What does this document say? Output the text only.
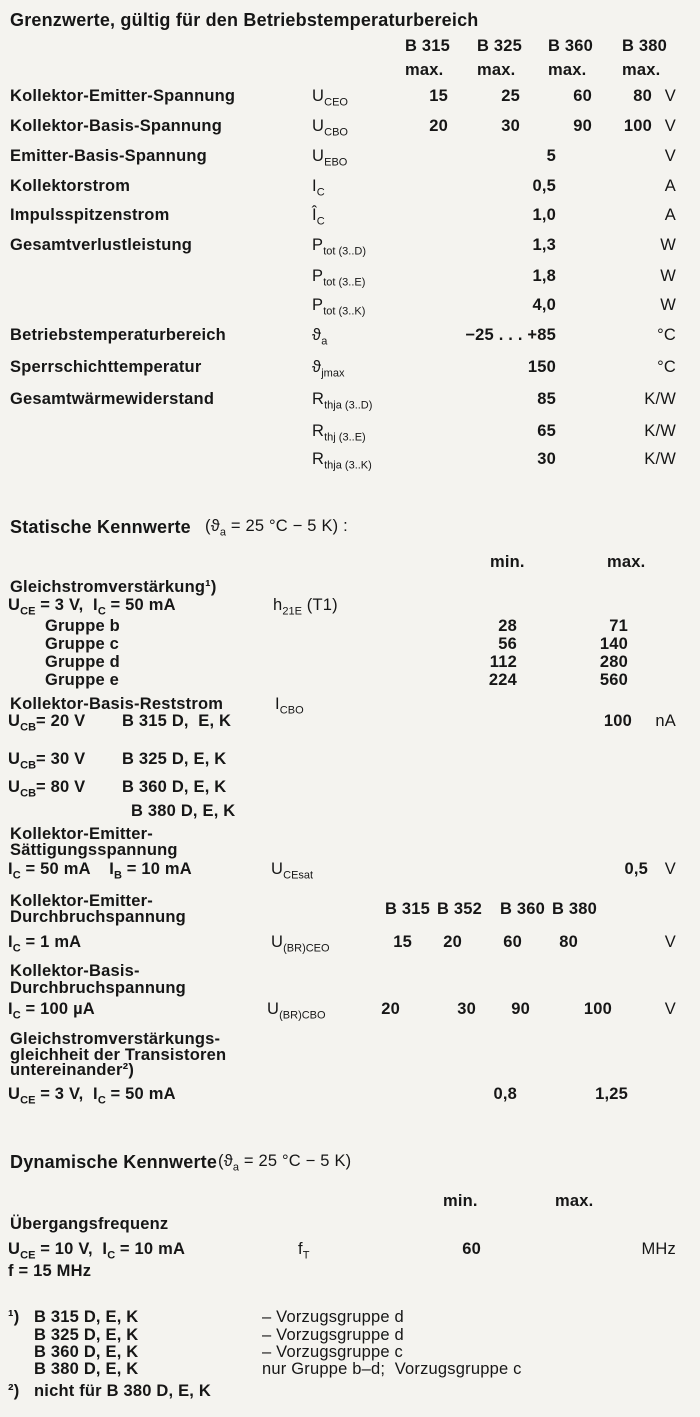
Grenzwerte, gültig für den Betriebstemperaturbereich
B 315 B 325 B 360 B 380
max. max. max. max.
Kollektor-Emitter-Spannung	$U_{CEO}$	15	25	60	80 V
Kollektor-Basis-Spannung	$U_{CBO}$	20	30	90	100 V
Emitter-Basis-Spannung	$U_{EBO}$	5	V
Kollektorstrom	$I_C$	0,5	A
Impulsspitzenstrom	$Î_C$	1,0	A
Gesamtverlustleistung	$P_{tot (3..D)}$	1,3	W
$P_{tot (3..E)}$	1,8	W
$P_{tot (3..K)}$	4,0	W
Betriebstemperaturbereich	$ϑ_a$	−25 . . . +85	°C
Sperrschichttemperatur	$ϑ_{jmax}$	150	°C
Gesamtwärmewiderstand	$R_{thja (3..D)}$	85	K/W
$R_{thj (3..E)}$	65	K/W
$R_{thja (3..K)}$	30	K/W
Statische Kennwerte ($ϑ_a = 25$ °C − 5 K) :
min.	max.
Gleichstromverstärkung¹)
$U_{CE} = 3$ V,  $I_C = 50$ mA	$h_{21E}$ (T1)
Gruppe b	28	71
Gruppe c	56	140
Gruppe d	112	280
Gruppe e	224	560
Kollektor-Basis-Reststrom	$I_{CBO}$
$U_{CB}= 20$ V B 315 D,  E, K	100	nA
$U_{CB}= 30$ V B 325 D, E, K
$U_{CB}= 80$ V B 360 D, E, K
B 380 D, E, K
Kollektor-Emitter-
Sättigungsspannung
$I_C = 50$ mA    $I_B = 10$ mA	$U_{CEsat}$	0,5	V
Kollektor-Emitter-	B 315 B 352 B 360 B 380
Durchbruchspannung
$I_C = 1$ mA	$U_{(BR)CEO}$	15	20	60	80	V
Kollektor-Basis-
Durchbruchspannung
$I_C = 100$ µA	$U_{(BR)CBO}$	20	30	90	100	V
Gleichstromverstärkungs-
gleichheit der Transistoren
untereinander²)
$U_{CE} = 3$ V,  $I_C = 50$ mA	0,8	1,25
Dynamische Kennwerte ($ϑ_a = 25$ °C − 5 K)
min.	max.
Übergangsfrequenz
$U_{CE} = 10$ V,  $I_C = 10$ mA	$f_T$	60	MHz
f = 15 MHz
¹) B 315 D, E, K	– Vorzugsgruppe d
B 325 D, E, K	– Vorzugsgruppe d
B 360 D, E, K	– Vorzugsgruppe c
B 380 D, E, K	nur Gruppe b–d;  Vorzugsgruppe c
²) nicht für B 380 D, E, K
